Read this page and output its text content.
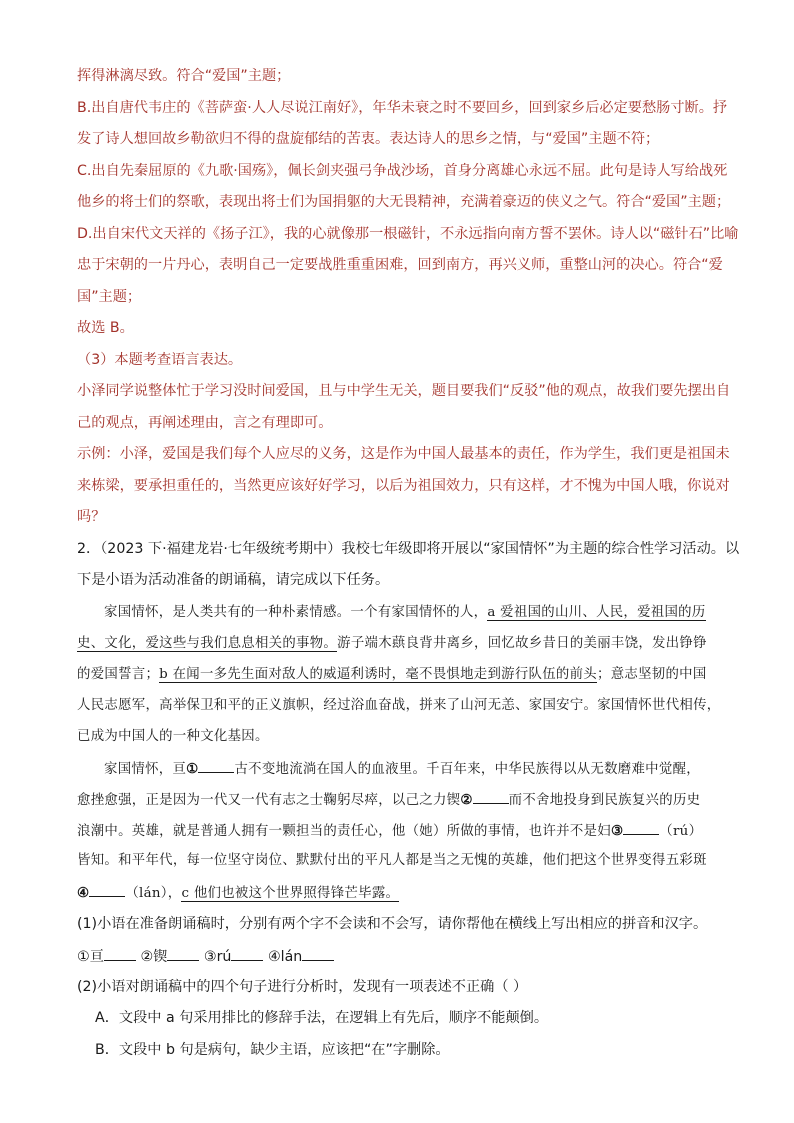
挥得淋漓尽致。符合“爱国”主题；
B.出自唐代韦庄的《菩萨蛮·人人尽说江南好》，年华未衰之时不要回乡，回到家乡后必定要愁肠寸断。抒
发了诗人想回故乡勒欲归不得的盘旋郁结的苦衷。表达诗人的思乡之情，与“爱国”主题不符；
C.出自先秦屈原的《九歌·国殇》，佩长剑夹强弓争战沙场，首身分离雄心永远不屈。此句是诗人写给战死
他乡的将士们的祭歌，表现出将士们为国捐躯的大无畏精神，充满着豪迈的侠义之气。符合“爱国”主题；
D.出自宋代文天祥的《扬子江》，我的心就像那一根磁针，不永远指向南方誓不罢休。诗人以“磁针石”比喻
忠于宋朝的一片丹心，表明自己一定要战胜重重困难，回到南方，再兴义师，重整山河的决心。符合“爱
国”主题；
故选 B。
（3）本题考查语言表达。
小泽同学说整体忙于学习没时间爱国，且与中学生无关，题目要我们“反驳”他的观点，故我们要先摆出自
己的观点，再阐述理由，言之有理即可。
示例：小泽，爱国是我们每个人应尽的义务，这是作为中国人最基本的责任，作为学生，我们更是祖国未
来栋梁，要承担重任的，当然更应该好好学习，以后为祖国效力，只有这样，才不愧为中国人哦，你说对
吗？
2．（2023 下·福建龙岩·七年级统考期中）我校七年级即将开展以“家国情怀”为主题的综合性学习活动。以
下是小语为活动准备的朗诵稿，请完成以下任务。
家国情怀，是人类共有的一种朴素情感。一个有家国情怀的人，a 爱祖国的山川、人民，爱祖国的历
史、文化，爱这些与我们息息相关的事物。游子端木蕻良背井离乡，回忆故乡昔日的美丽丰饶，发出铮铮
的爱国誓言；b 在闻一多先生面对敌人的威逼利诱时，毫不畏惧地走到游行队伍的前头；意志坚韧的中国
人民志愿军，高举保卫和平的正义旗帜，经过浴血奋战，拼来了山河无恙、家国安宁。家国情怀世代相传，
已成为中国人的一种文化基因。
家国情怀，亘①	古不变地流淌在国人的血液里。千百年来，中华民族得以从无数磨难中觉醒，
愈挫愈强，正是因为一代又一代有志之士鞠躬尽瘁，以己之力锲②	而不舍地投身到民族复兴的历史
浪潮中。英雄，就是普通人拥有一颗担当的责任心，他（她）所做的事情，也许并不是妇③	（rú）
皆知。和平年代，每一位坚守岗位、默默付出的平凡人都是当之无愧的英雄，他们把这个世界变得五彩斑
④	（lán），c 他们也被这个世界照得锋芒毕露。
(1)小语在准备朗诵稿时，分别有两个字不会读和不会写，请你帮他在横线上写出相应的拼音和汉字。
①亘	②锲	③rú	④lán
(2)小语对朗诵稿中的四个句子进行分析时，发现有一项表述不正确（ ）
A．文段中 a 句采用排比的修辞手法，在逻辑上有先后，顺序不能颠倒。
B．文段中 b 句是病句，缺少主语，应该把“在”字删除。
